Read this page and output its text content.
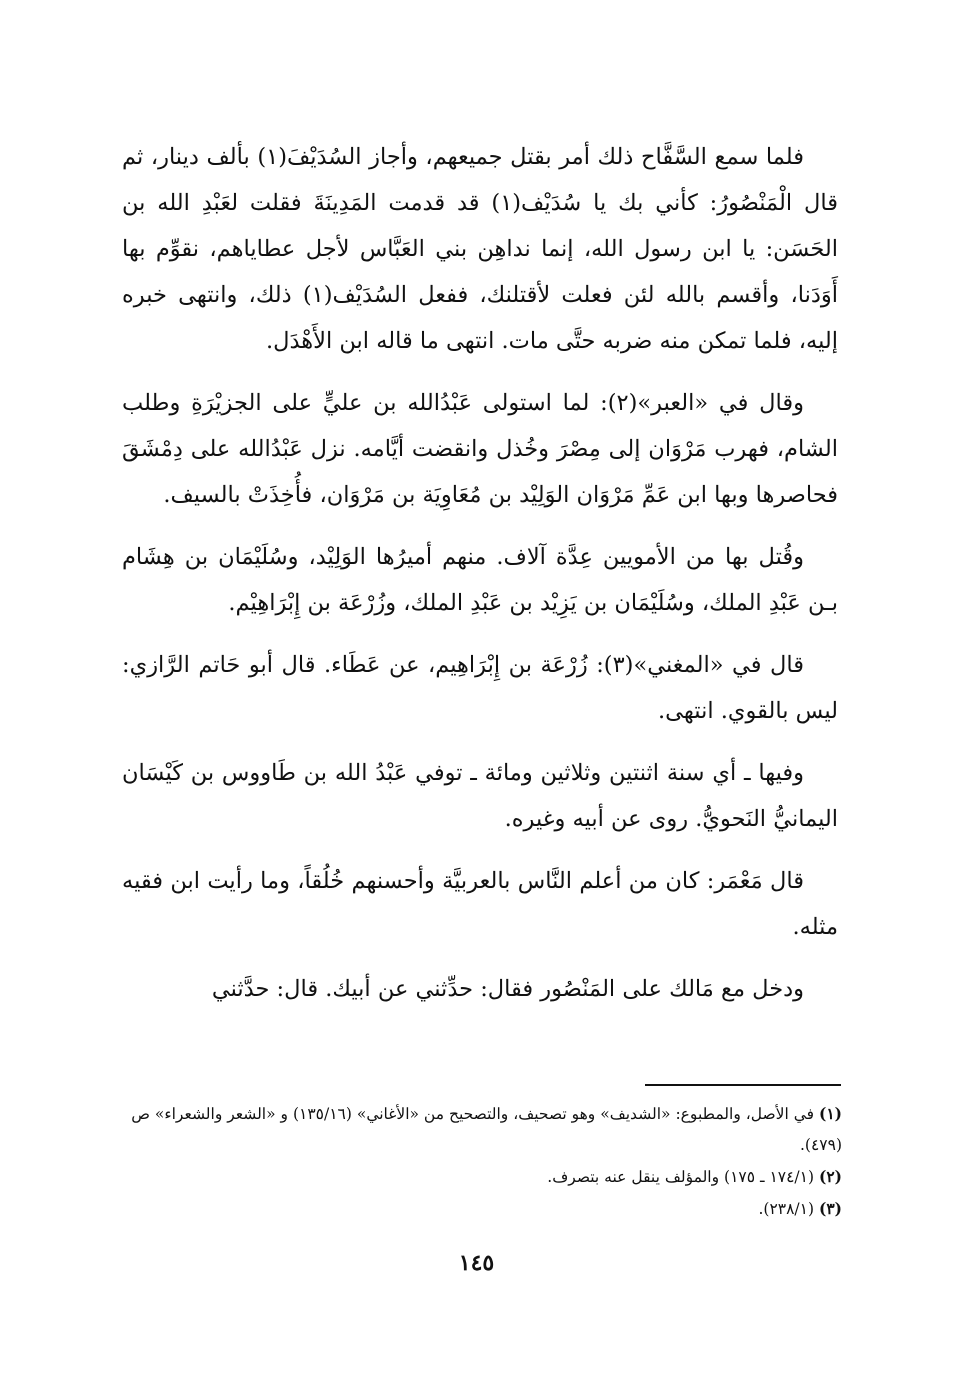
فلما سمع السَّفَّاح ذلك أمر بقتل جميعهم، وأجاز السُدَيْفَ(١) بألف دينار، ثم قال الْمَنْصُورُ: كأني بك يا سُدَيْف(١) قد قدمت المَدِينَةَ فقلت لعَبْدِ الله بن الحَسَن: يا ابن رسول الله، إنما نداهِن بني العَبَّاس لأجل عطاياهم، نقوِّم بها أَوَدَنا، وأقسم بالله لئن فعلت لأقتلنك، ففعل السُدَيْف(١) ذلك، وانتهى خبره إليه، فلما تمكن منه ضربه حتَّى مات. انتهى ما قاله ابن الأَهْدَل.

وقال في «العبر»(٢): لما استولى عَبْدُالله بن عليٍّ على الجزيْرَةِ وطلب الشام، فهرب مَرْوَان إلى مِصْرَ وخُذل وانقضت أيَّامه. نزل عَبْدُالله على دِمْشَقَ فحاصرها وبها ابن عَمِّ مَرْوَان الوَلِيْد بن مُعَاوِيَة بن مَرْوَان، فأُخِذَتْ بالسيف.

وقُتل بها من الأمويين عِدَّة آلاف. منهم أميرُها الوَلِيْد، وسُلَيْمَان بن هِشَام بـن عَبْدِ الملك، وسُلَيْمَان بن يَزِيْد بن عَبْدِ الملك، وزُرْعَة بن إِبْرَاهِيْم.

قال في «المغني»(٣): زُرْعَة بن إِبْرَاهِيم، عن عَطَاء. قال أبو حَاتم الرَّازي: ليس بالقوي. انتهى.

وفيها ـ أي سنة اثنتين وثلاثين ومائة ـ توفي عَبْدُ الله بن طَاووس بن كَيْسَان اليمانيُّ النَحويُّ. روى عن أبيه وغيره.

قال مَعْمَر: كان من أعلم النَّاس بالعربيَّة وأحسنهم خُلُقاً، وما رأيت ابن فقيه مثله.

ودخل مع مَالك على المَنْصُور فقال: حدِّثني عن أبيك. قال: حدَّثني

(١) في الأصل، والمطبوع: «الشديف» وهو تصحيف، والتصحيح من «الأغاني» (١٣٥/١٦) و «الشعر والشعراء» ص (٤٧٩).

(٢) (١٧٤/١ ـ ١٧٥) والمؤلف ينقل عنه بتصرف.

(٣) (٢٣٨/١).

١٤٥
